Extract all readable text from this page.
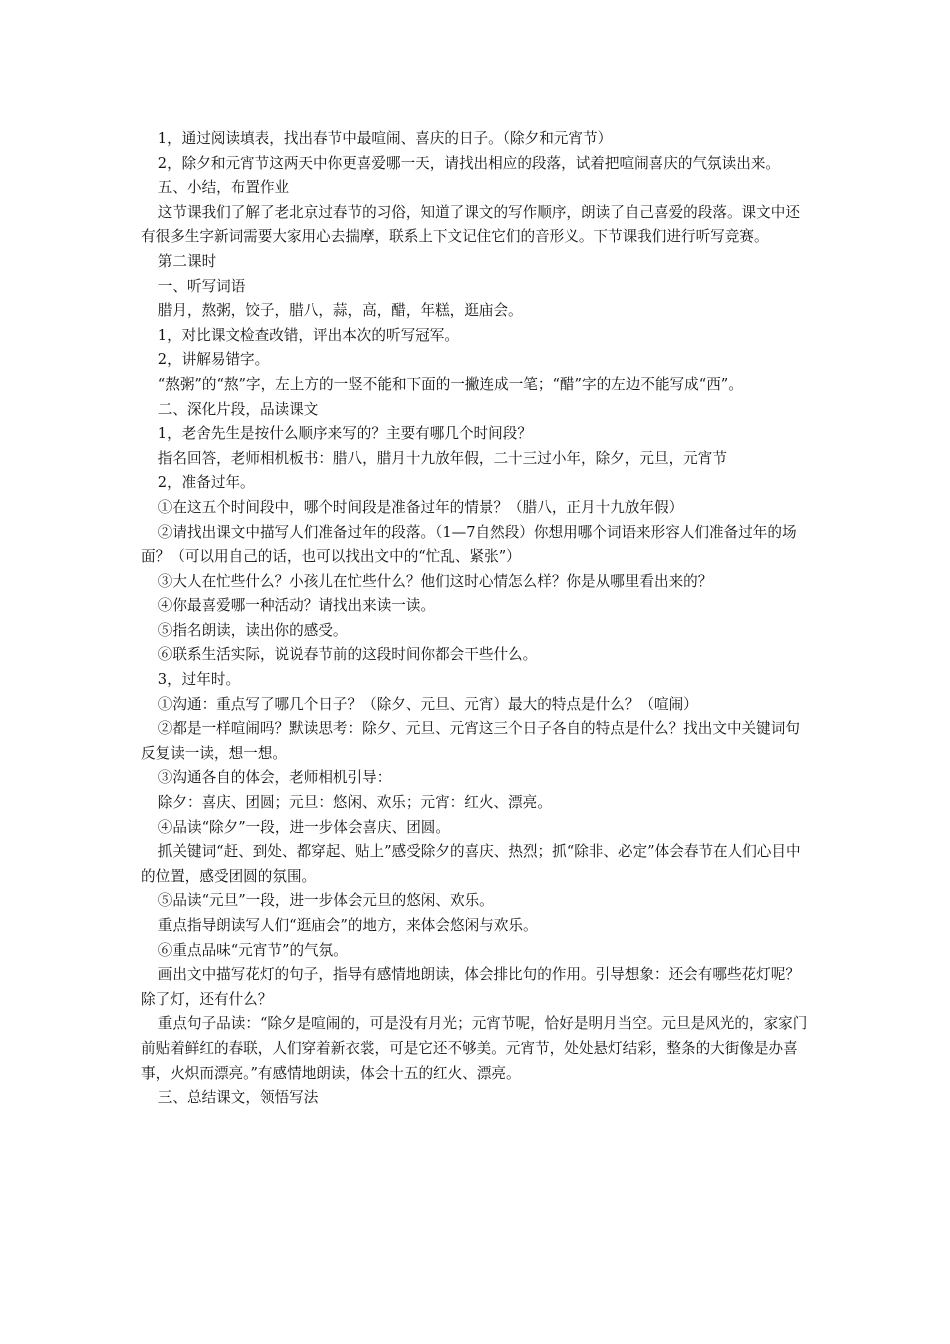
1，通过阅读填表，找出春节中最喧闹、喜庆的日子。（除夕和元宵节）

2，除夕和元宵节这两天中你更喜爱哪一天，请找出相应的段落，试着把喧闹喜庆的气氛读出来。

五、小结，布置作业

这节课我们了解了老北京过春节的习俗，知道了课文的写作顺序，朗读了自己喜爱的段落。课文中还有很多生字新词需要大家用心去揣摩，联系上下文记住它们的音形义。下节课我们进行听写竞赛。

第二课时

一、听写词语

腊月，熬粥，饺子，腊八，蒜，高，醋，年糕，逛庙会。

1，对比课文检查改错，评出本次的听写冠军。

2，讲解易错字。

“熬粥”的“熬”字，左上方的一竖不能和下面的一撇连成一笔；“醋”字的左边不能写成“西”。

二、深化片段，品读课文

1，老舍先生是按什么顺序来写的？主要有哪几个时间段？

指名回答，老师相机板书：腊八，腊月十九放年假，二十三过小年，除夕，元旦，元宵节

2，准备过年。

①在这五个时间段中，哪个时间段是准备过年的情景？（腊八，正月十九放年假）

②请找出课文中描写人们准备过年的段落。（1—7自然段）你想用哪个词语来形容人们准备过年的场面？（可以用自己的话，也可以找出文中的“忙乱、紧张”）

③大人在忙些什么？小孩儿在忙些什么？他们这时心情怎么样？你是从哪里看出来的？

④你最喜爱哪一种活动？请找出来读一读。

⑤指名朗读，读出你的感受。

⑥联系生活实际，说说春节前的这段时间你都会干些什么。

3，过年时。

①沟通：重点写了哪几个日子？（除夕、元旦、元宵）最大的特点是什么？（喧闹）

②都是一样喧闹吗？默读思考：除夕、元旦、元宵这三个日子各自的特点是什么？找出文中关键词句反复读一读，想一想。

③沟通各自的体会，老师相机引导：

除夕：喜庆、团圆；元旦：悠闲、欢乐；元宵：红火、漂亮。

④品读“除夕”一段，进一步体会喜庆、团圆。

抓关键词“赶、到处、都穿起、贴上”感受除夕的喜庆、热烈；抓“除非、必定”体会春节在人们心目中的位置，感受团圆的氛围。

⑤品读“元旦”一段，进一步体会元旦的悠闲、欢乐。

重点指导朗读写人们“逛庙会”的地方，来体会悠闲与欢乐。

⑥重点品味“元宵节”的气氛。

画出文中描写花灯的句子，指导有感情地朗读，体会排比句的作用。引导想象：还会有哪些花灯呢？除了灯，还有什么？

重点句子品读：“除夕是喧闹的，可是没有月光；元宵节呢，恰好是明月当空。元旦是风光的，家家门前贴着鲜红的春联，人们穿着新衣裳，可是它还不够美。元宵节，处处悬灯结彩，整条的大街像是办喜事，火炽而漂亮。”有感情地朗读，体会十五的红火、漂亮。

三、总结课文，领悟写法
